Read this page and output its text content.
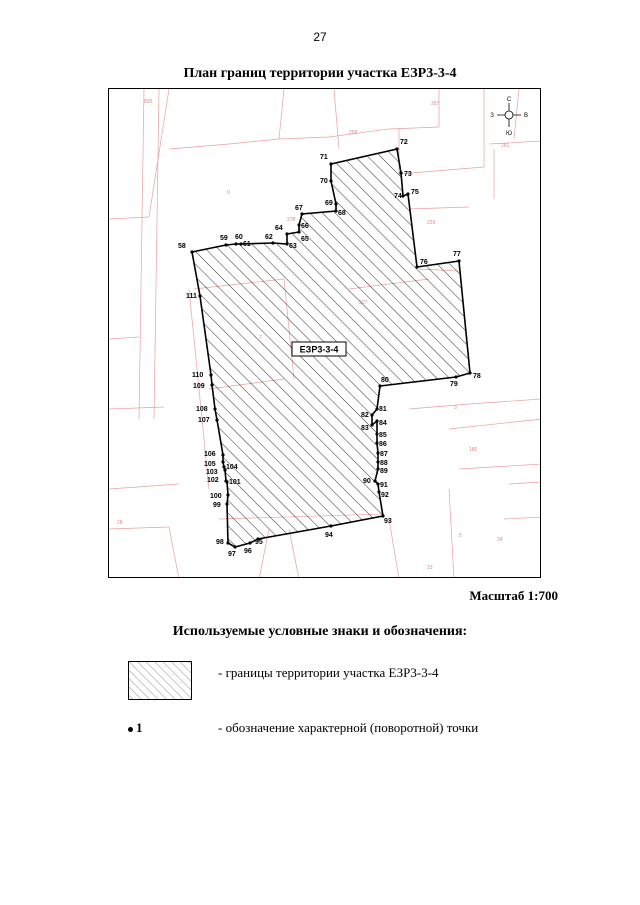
27
План границ территории участка ЕЗР3-3-4
895	257
258
261
9
278	229
180
28
24
5
23
3
58
59 60
61
62
63
64
65
66
67
68
69
70
71
72
73
74
75
76
77
78
79
80
81
82
83
84
85
86
87
88
89
90
91
92
93
94
95
96
97
98
99
100
101
102
103
104
105
106
107
108
109
110
111
ЕЗР3-3-4
С
Ю
З	В
Масштаб 1:700
Используемые условные знаки и обозначения:
- границы территории участка ЕЗР3-3-4
1	- обозначение характерной (поворотной) точки
